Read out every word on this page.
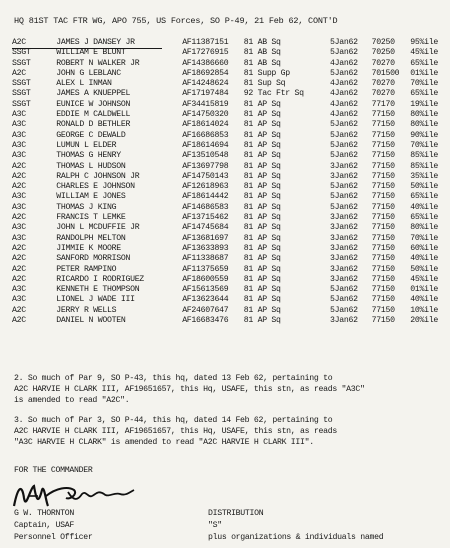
HQ 81ST TAC FTR WG, APO 755, US Forces, SO P-49, 21 Feb 62, CONT'D
A2C	JAMES J DANSEY JR	AF11387151	81 AB Sq	5Jan62	70250	95%ile
SSGT	WILLIAM E BLUNT	AF17276915	81 AB Sq	5Jan62	70250	45%ile
SSGT	ROBERT N WALKER JR	AF14386660	81 AB Sq	4Jan62	70270	65%ile
A2C	JOHN G LEBLANC	AF18692854	81 Supp Gp	5Jan62	701500	01%ile
SSGT	ALEX L INMAN	AF14248624	81 Sup Sq	4Jan62	70270	70%ile
SSGT	JAMES A KNUEPPEL	AF17197484	92 Tac Ftr Sq	4Jan62	70270	65%ile
SSGT	EUNICE W JOHNSON	AF34415819	81 AP Sq	4Jan62	77170	19%ile
A3C	EDDIE M CALDWELL	AF14750320	81 AP Sq	4Jan62	77150	80%ile
A3C	RONALD D BETHLER	AF18614024	81 AP Sq	5Jan62	77150	80%ile
A3C	GEORGE C DEWALD	AF16686853	81 AP Sq	5Jan62	77150	90%ile
A3C	LUMUN L ELDER	AF18614694	81 AP Sq	5Jan62	77150	70%ile
A3C	THOMAS G HENRY	AF13510548	81 AP Sq	5Jan62	77150	85%ile
A2C	THOMAS L HUDSON	AF13697798	81 AP Sq	3Jan62	77150	85%ile
A2C	RALPH C JOHNSON JR	AF14750143	81 AP Sq	3Jan62	77150	35%ile
A2C	CHARLES E JOHNSON	AF12618963	81 AP Sq	5Jan62	77150	50%ile
A3C	WILLIAM E JONES	AF18614442	81 AP Sq	5Jan62	77150	65%ile
A3C	THOMAS J KING	AF14686583	81 AP Sq	5Jan62	77150	40%ile
A2C	FRANCIS T LEMKE	AF13715462	81 AP Sq	3Jan62	77150	65%ile
A3C	JOHN L MCDUFFIE JR	AF14745684	81 AP Sq	3Jan62	77150	80%ile
A3C	RANDOLPH MELTON	AF13681697	81 AP Sq	3Jan62	77150	70%ile
A2C	JIMMIE K MOORE	AF13633893	81 AP Sq	3Jan62	77150	60%ile
A2C	SANFORD MORRISON	AF11338687	81 AP Sq	3Jan62	77150	40%ile
A2C	PETER RAMPINO	AF11375659	81 AP Sq	3Jan62	77150	50%ile
A2C	RICARDO I RODRIGUEZ	AF18600559	81 AP Sq	3Jan62	77150	45%ile
A3C	KENNETH E THOMPSON	AF15613569	81 AP Sq	5Jan62	77150	01%ile
A3C	LIONEL J WADE III	AF13623644	81 AP Sq	5Jan62	77150	40%ile
A2C	JERRY R WELLS	AF24607647	81 AP Sq	5Jan62	77150	10%ile
A2C	DANIEL N WOOTEN	AF16683476	81 AP Sq	3Jan62	77150	20%ile
2. So much of Par 9, SO P-43, this hq, dated 13 Feb 62, pertaining to
A2C HARVIE H CLARK III, AF19651657, this Hq, USAFE, this stn, as reads "A3C"
is amended to read "A2C".
3. So much of Par 3, SO P-44, this hq, dated 14 Feb 62, pertaining to
A2C HARVIE H CLARK III, AF19651657, this Hq, USAFE, this stn, as reads
"A3C HARVIE H CLARK" is amended to read "A2C HARVIE H CLARK III".
FOR THE COMMANDER
G W. THORNTON
Captain, USAF
Personnel Officer
DISTRIBUTION
"S"
plus organizations & individuals named
